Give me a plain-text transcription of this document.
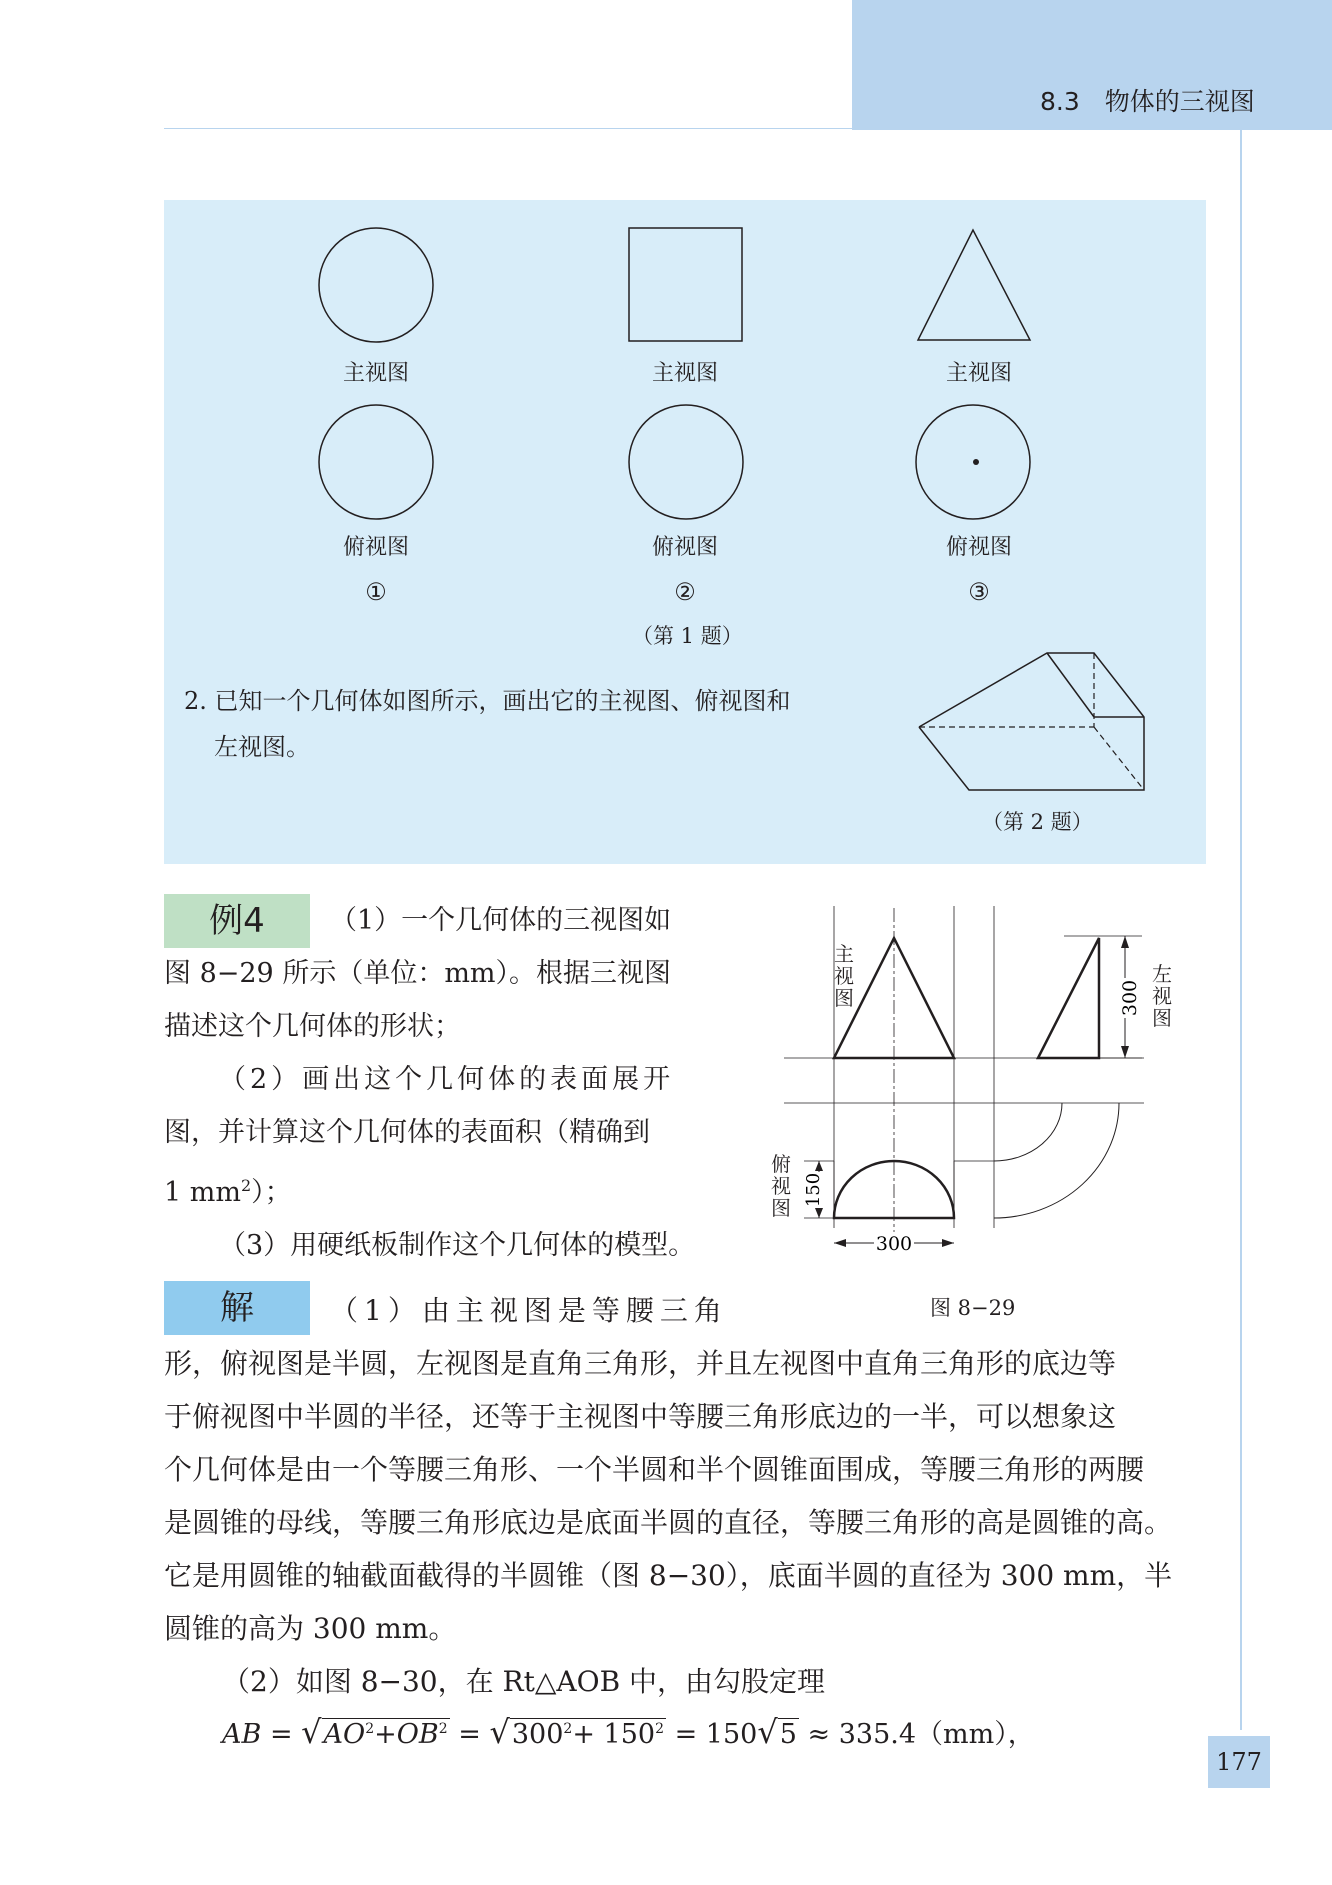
8.3　物体的三视图
主视图	主视图	主视图
俯视图	俯视图	俯视图
①	②	③
（第 1 题）
（第 2 题）
2. 已知一个几何体如图所示，画出它的主视图、俯视图和
左视图。
例4	（1）一个几何体的三视图如
图 8−29 所示（单位：mm）。根据三视图
描述这个几何体的形状；
（2）画出这个几何体的表面展开
图，并计算这个几何体的表面积（精确到
1 $mm^2$）；
（3）用硬纸板制作这个几何体的模型。	300
300
150
主视图
左视图
俯视图
图 8−29
解	（1）由主视图是等腰三角
形，俯视图是半圆，左视图是直角三角形，并且左视图中直角三角形的底边等
于俯视图中半圆的半径，还等于主视图中等腰三角形底边的一半，可以想象这
个几何体是由一个等腰三角形、一个半圆和半个圆锥面围成，等腰三角形的两腰
是圆锥的母线，等腰三角形底边是底面半圆的直径，等腰三角形的高是圆锥的高。
它是用圆锥的轴截面截得的半圆锥（图 8−30），底面半圆的直径为 300 mm，半
圆锥的高为 300 mm。
（2）如图 8−30，在 Rt△AOB 中，由勾股定理
AB = $√AO^2+OB^2 = √300^2+ 150^2 = 150√5 \approx 335.4(mm)$，
177
